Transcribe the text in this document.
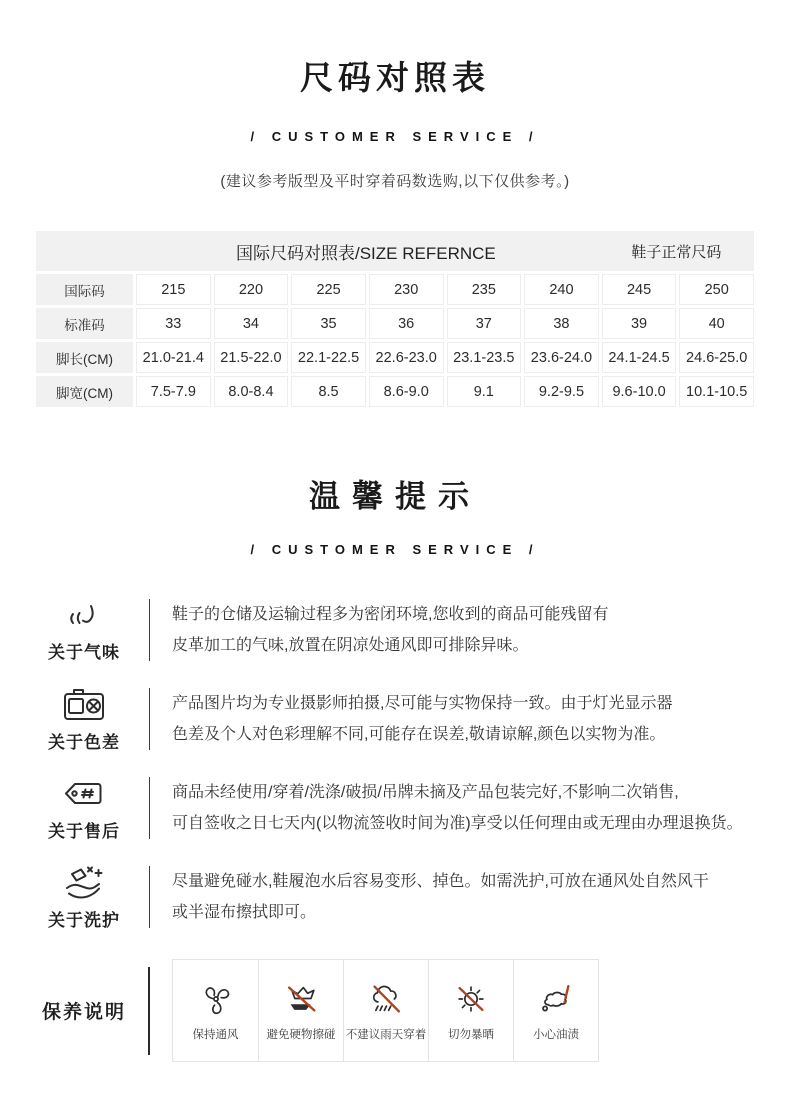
尺码对照表
/ CUSTOMER SERVICE /
(建议参考版型及平时穿着码数选购,以下仅供参考。)
国际尺码对照表/SIZE REFERNCE	鞋子正常尺码
国际码	215	220	225	230	235	240	245	250
标准码	33	34	35	36	37	38	39	40
脚长(CM)	21.0-21.4	21.5-22.0	22.1-22.5	22.6-23.0	23.1-23.5	23.6-24.0	24.1-24.5	24.6-25.0
脚宽(CM)	7.5-7.9	8.0-8.4	8.5	8.6-9.0	9.1	9.2-9.5	9.6-10.0	10.1-10.5
温馨提示
/ CUSTOMER SERVICE /
关于气味
鞋子的仓储及运输过程多为密闭环境,您收到的商品可能残留有
皮革加工的气味,放置在阴凉处通风即可排除异味。
关于色差
产品图片均为专业摄影师拍摄,尽可能与实物保持一致。由于灯光显示器
色差及个人对色彩理解不同,可能存在误差,敬请谅解,颜色以实物为准。
关于售后
商品未经使用/穿着/洗涤/破损/吊牌未摘及产品包装完好,不影响二次销售,
可自签收之日七天内(以物流签收时间为准)享受以任何理由或无理由办理退换货。
关于洗护
尽量避免碰水,鞋履泡水后容易变形、掉色。如需洗护,可放在通风处自然风干
或半湿布擦拭即可。
保养说明
保持通风 避免硬物擦碰 不建议雨天穿着 切勿暴晒	小心油渍
